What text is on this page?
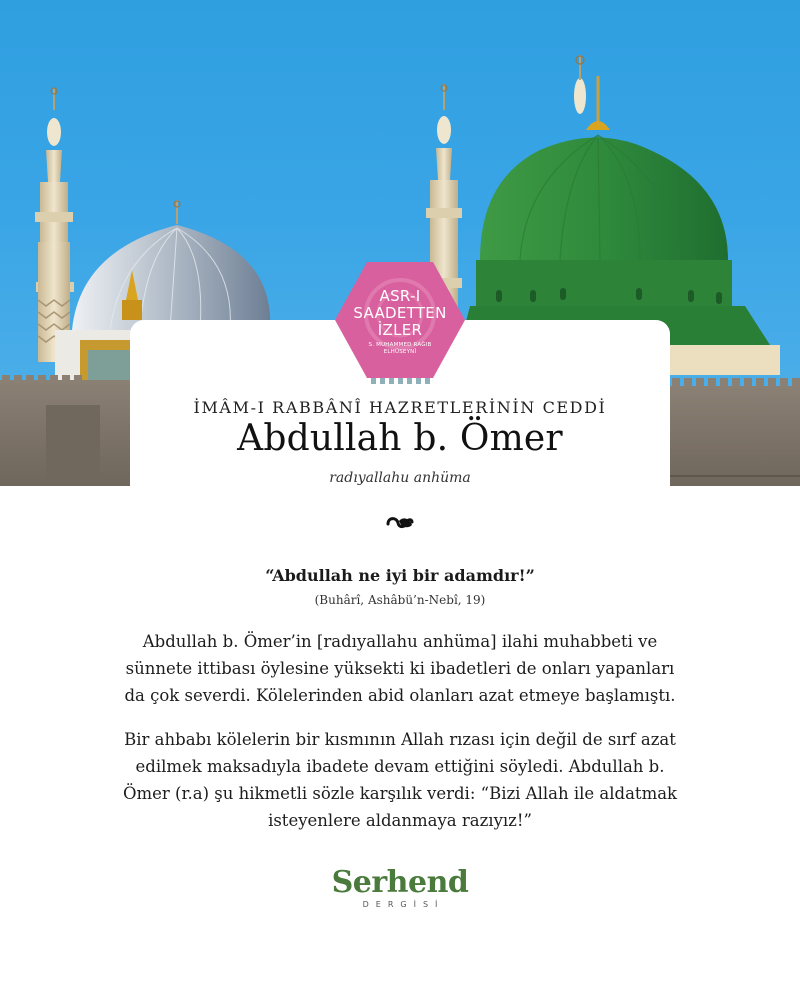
ASR-I
SAADETTEN
İZLER
S. MUHAMMED RAĞIB
ELHÜSEYNÎ
İMÂM-I RABBÂNÎ HAZRETLERİNİN CEDDİ
Abdullah b. Ömer
radıyallahu anhüma
“Abdullah ne iyi bir adamdır!”
(Buhârî, Ashâbü’n-Nebî, 19)

Abdullah b. Ömer’in [radıyallahu anhüma] ilahi muhabbeti ve

sünnete ittibası öylesine yüksekti ki ibadetleri de onları yapanları

da çok severdi. Kölelerinden abid olanları azat etmeye başlamıştı.

Bir ahbabı kölelerin bir kısmının Allah rızası için değil de sırf azat

edilmek maksadıyla ibadete devam ettiğini söyledi. Abdullah b.

Ömer (r.a) şu hikmetli sözle karşılık verdi: “Bizi Allah ile aldatmak

isteyenlere aldanmaya razıyız!”

Serhend
DERGİSİ
